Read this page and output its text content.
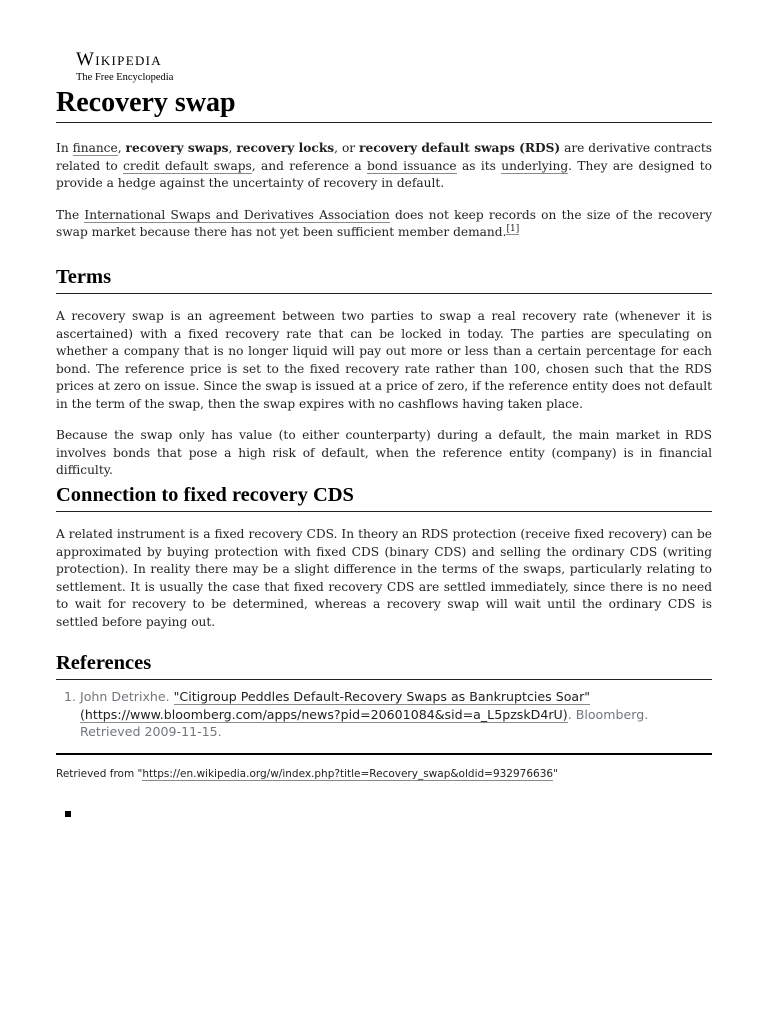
Wikipedia
The Free Encyclopedia
Recovery swap

In finance, recovery swaps, recovery locks, or recovery default swaps (RDS) are derivative contracts related to credit default swaps, and reference a bond issuance as its underlying. They are designed to provide a hedge against the uncertainty of recovery in default.

The International Swaps and Derivatives Association does not keep records on the size of the recovery swap market because there has not yet been sufficient member demand.[1]

Terms

A recovery swap is an agreement between two parties to swap a real recovery rate (whenever it is ascertained) with a fixed recovery rate that can be locked in today. The parties are speculating on whether a company that is no longer liquid will pay out more or less than a certain percentage for each bond. The reference price is set to the fixed recovery rate rather than 100, chosen such that the RDS prices at zero on issue. Since the swap is issued at a price of zero, if the reference entity does not default in the term of the swap, then the swap expires with no cashflows having taken place.

Because the swap only has value (to either counterparty) during a default, the main market in RDS involves bonds that pose a high risk of default, when the reference entity (company) is in financial difficulty.

Connection to fixed recovery CDS

A related instrument is a fixed recovery CDS. In theory an RDS protection (receive fixed recovery) can be approximated by buying protection with fixed CDS (binary CDS) and selling the ordinary CDS (writing protection). In reality there may be a slight difference in the terms of the swaps, particularly relating to settlement. It is usually the case that fixed recovery CDS are settled immediately, since there is no need to wait for recovery to be determined, whereas a recovery swap will wait until the ordinary CDS is settled before paying out.

References
1. John Detrixhe. "Citigroup Peddles Default-Recovery Swaps as Bankruptcies Soar" (https://www.bloomberg.com/apps/news?pid=20601084&sid=a_L5pzskD4rU). Bloomberg. Retrieved 2009-11-15.
Retrieved from "https://en.wikipedia.org/w/index.php?title=Recovery_swap&oldid=932976636"
